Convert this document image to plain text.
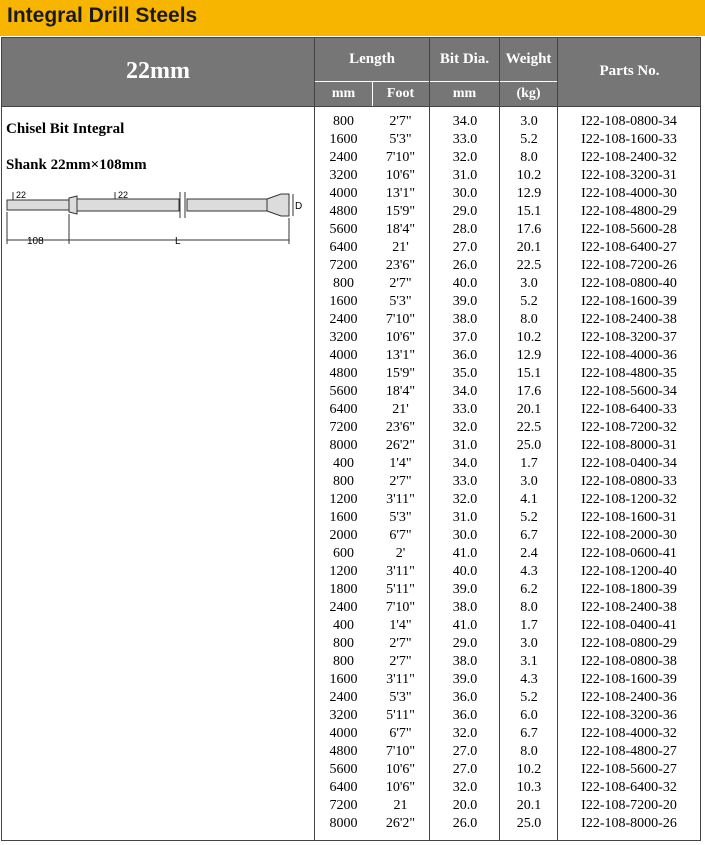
Integral Drill Steels
22mm	Length	Bit Dia.	Weight
Parts No.
mm	Foot	mm	(kg)
Chisel Bit Integral
Shank 22mm×108mm
22	22
108	L
D
800	2'7"	34.0	3.0	I22-108-0800-34
1600	5'3"	33.0	5.2	I22-108-1600-33
2400	7'10"	32.0	8.0	I22-108-2400-32
3200	10'6"	31.0	10.2	I22-108-3200-31
4000	13'1"	30.0	12.9	I22-108-4000-30
4800	15'9"	29.0	15.1	I22-108-4800-29
5600	18'4"	28.0	17.6	I22-108-5600-28
6400	21'	27.0	20.1	I22-108-6400-27
7200	23'6"	26.0	22.5	I22-108-7200-26
800	2'7"	40.0	3.0	I22-108-0800-40
1600	5'3"	39.0	5.2	I22-108-1600-39
2400	7'10"	38.0	8.0	I22-108-2400-38
3200	10'6"	37.0	10.2	I22-108-3200-37
4000	13'1"	36.0	12.9	I22-108-4000-36
4800	15'9"	35.0	15.1	I22-108-4800-35
5600	18'4"	34.0	17.6	I22-108-5600-34
6400	21'	33.0	20.1	I22-108-6400-33
7200	23'6"	32.0	22.5	I22-108-7200-32
8000	26'2"	31.0	25.0	I22-108-8000-31
400	1'4"	34.0	1.7	I22-108-0400-34
800	2'7"	33.0	3.0	I22-108-0800-33
1200	3'11"	32.0	4.1	I22-108-1200-32
1600	5'3"	31.0	5.2	I22-108-1600-31
2000	6'7"	30.0	6.7	I22-108-2000-30
600	2'	41.0	2.4	I22-108-0600-41
1200	3'11"	40.0	4.3	I22-108-1200-40
1800	5'11"	39.0	6.2	I22-108-1800-39
2400	7'10"	38.0	8.0	I22-108-2400-38
400	1'4"	41.0	1.7	I22-108-0400-41
800	2'7"	29.0	3.0	I22-108-0800-29
800	2'7"	38.0	3.1	I22-108-0800-38
1600	3'11"	39.0	4.3	I22-108-1600-39
2400	5'3"	36.0	5.2	I22-108-2400-36
3200	5'11"	36.0	6.0	I22-108-3200-36
4000	6'7"	32.0	6.7	I22-108-4000-32
4800	7'10"	27.0	8.0	I22-108-4800-27
5600	10'6"	27.0	10.2	I22-108-5600-27
6400	10'6"	32.0	10.3	I22-108-6400-32
7200	21	20.0	20.1	I22-108-7200-20
8000	26'2"	26.0	25.0	I22-108-8000-26
